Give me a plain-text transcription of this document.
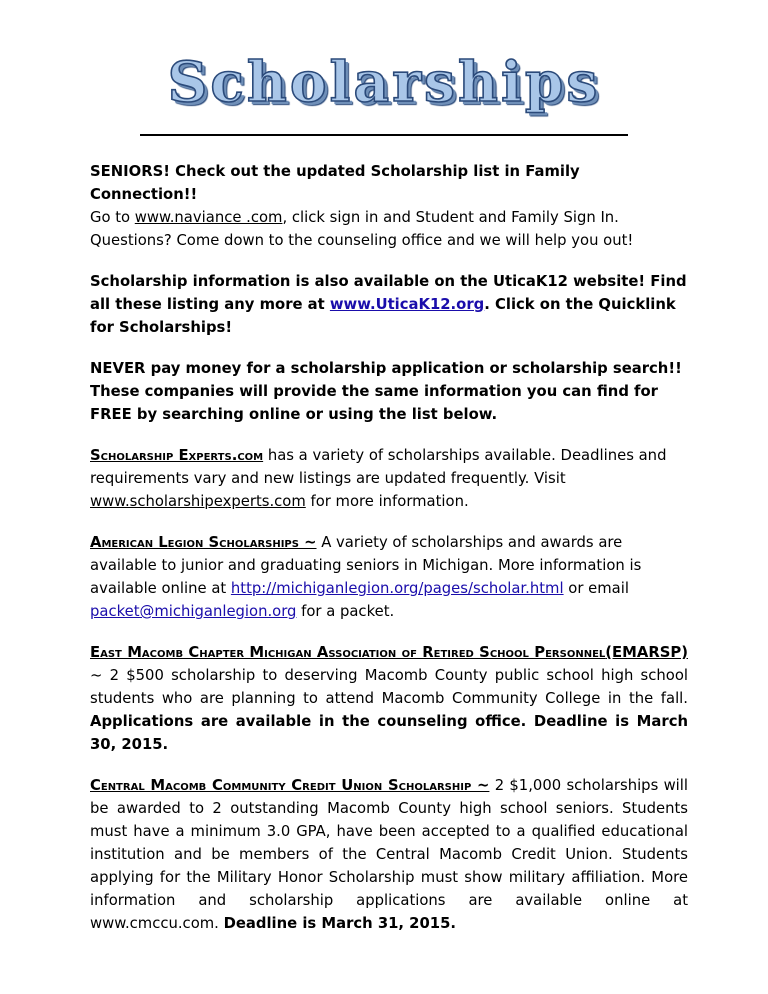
Scholarships

SENIORS! Check out the updated Scholarship list in Family Connection!!
Go to www.naviance .com, click sign in and Student and Family Sign In.
Questions? Come down to the counseling office and we will help you out!

Scholarship information is also available on the UticaK12 website! Find all these listing any more at www.UticaK12.org. Click on the Quicklink for Scholarships!

NEVER pay money for a scholarship application or scholarship search!! These companies will provide the same information you can find for FREE by searching online or using the list below.

Scholarship Experts.com has a variety of scholarships available. Deadlines and requirements vary and new listings are updated frequently. Visit www.scholarshipexperts.com for more information.

American Legion Scholarships ~ A variety of scholarships and awards are available to junior and graduating seniors in Michigan. More information is available online at http://michiganlegion.org/pages/scholar.html or email packet@michiganlegion.org for a packet.

East Macomb Chapter Michigan Association of Retired School Personnel(EMARSP) ~ 2 $500 scholarship to deserving Macomb County public school high school students who are planning to attend Macomb Community College in the fall. Applications are available in the counseling office. Deadline is March 30, 2015.

Central Macomb Community Credit Union Scholarship ~ 2 $1,000 scholarships will be awarded to 2 outstanding Macomb County high school seniors. Students must have a minimum 3.0 GPA, have been accepted to a qualified educational institution and be members of the Central Macomb Credit Union. Students applying for the Military Honor Scholarship must show military affiliation. More information and scholarship applications are available online at www.cmccu.com. Deadline is March 31, 2015.
